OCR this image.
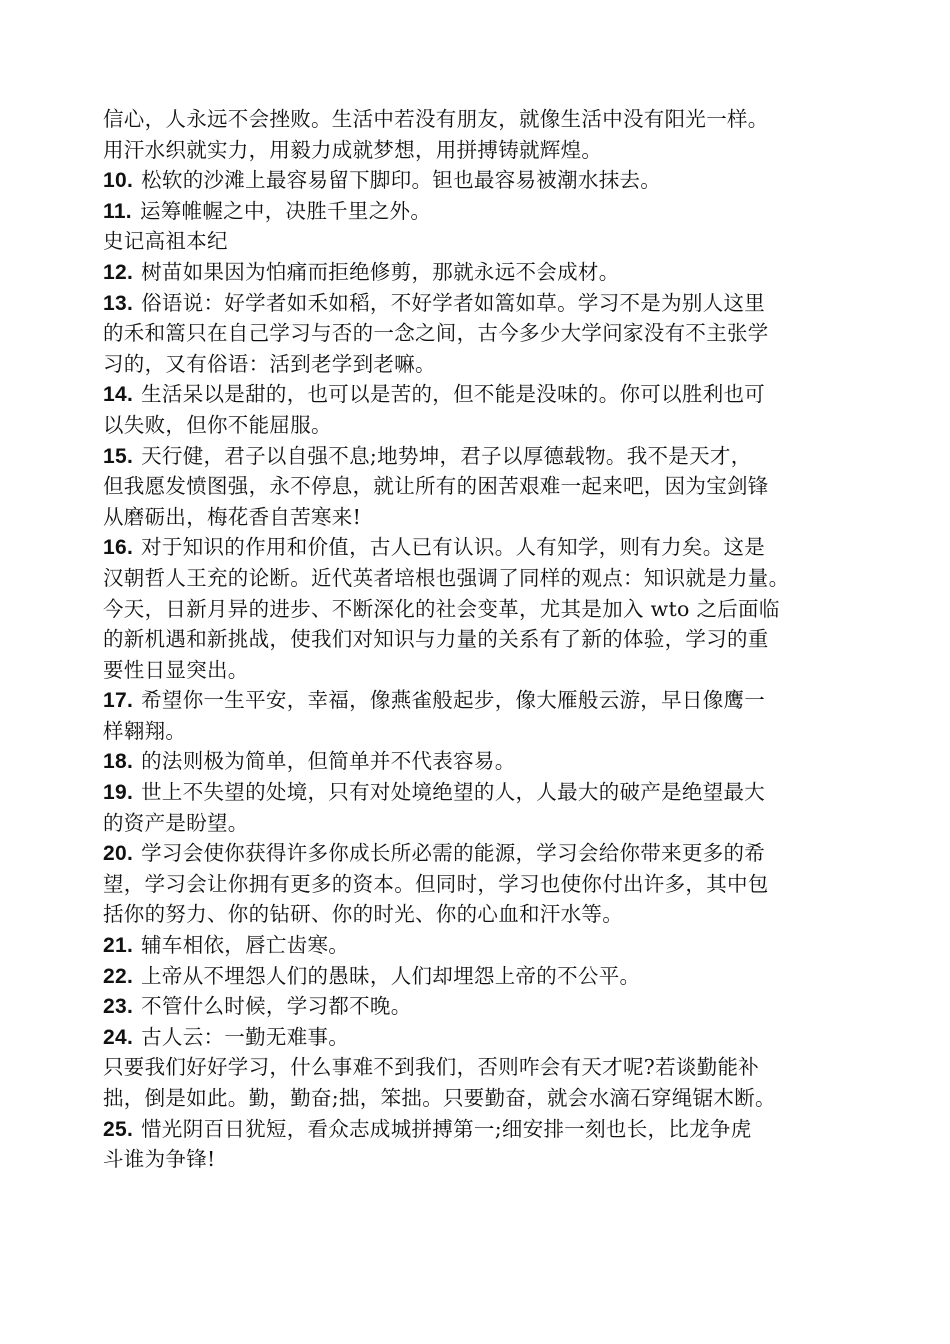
信心，人永远不会挫败。生活中若没有朋友，就像生活中没有阳光一样。
用汗水织就实力，用毅力成就梦想，用拼搏铸就辉煌。
10. 松软的沙滩上最容易留下脚印。钽也最容易被潮水抹去。
11. 运筹帷幄之中，决胜千里之外。
史记高祖本纪
12. 树苗如果因为怕痛而拒绝修剪，那就永远不会成材。
13. 俗语说：好学者如禾如稻，不好学者如篙如草。学习不是为别人这里
的禾和篙只在自己学习与否的一念之间，古今多少大学问家没有不主张学
习的，又有俗语：活到老学到老嘛。
14. 生活呆以是甜的，也可以是苦的，但不能是没味的。你可以胜利也可
以失败，但你不能屈服。
15. 天行健，君子以自强不息;地势坤，君子以厚德载物。我不是天才，
但我愿发愤图强，永不停息，就让所有的困苦艰难一起来吧，因为宝剑锋
从磨砺出，梅花香自苦寒来!
16. 对于知识的作用和价值，古人已有认识。人有知学，则有力矣。这是
汉朝哲人王充的论断。近代英者培根也强调了同样的观点：知识就是力量。
今天，日新月异的进步、不断深化的社会变革，尤其是加入 wto 之后面临
的新机遇和新挑战，使我们对知识与力量的关系有了新的体验，学习的重
要性日显突出。
17. 希望你一生平安，幸福，像燕雀般起步，像大雁般云游，早日像鹰一
样翱翔。
18. 的法则极为简单，但简单并不代表容易。
19. 世上不失望的处境，只有对处境绝望的人，人最大的破产是绝望最大
的资产是盼望。
20. 学习会使你获得许多你成长所必需的能源，学习会给你带来更多的希
望，学习会让你拥有更多的资本。但同时，学习也使你付出许多，其中包
括你的努力、你的钻研、你的时光、你的心血和汗水等。
21. 辅车相依，唇亡齿寒。
22. 上帝从不埋怨人们的愚昧，人们却埋怨上帝的不公平。
23. 不管什么时候，学习都不晚。
24. 古人云：一勤无难事。
只要我们好好学习，什么事难不到我们，否则咋会有天才呢?若谈勤能补
拙，倒是如此。勤，勤奋;拙，笨拙。只要勤奋，就会水滴石穿绳锯木断。
25. 惜光阴百日犹短，看众志成城拼搏第一;细安排一刻也长，比龙争虎
斗谁为争锋!
